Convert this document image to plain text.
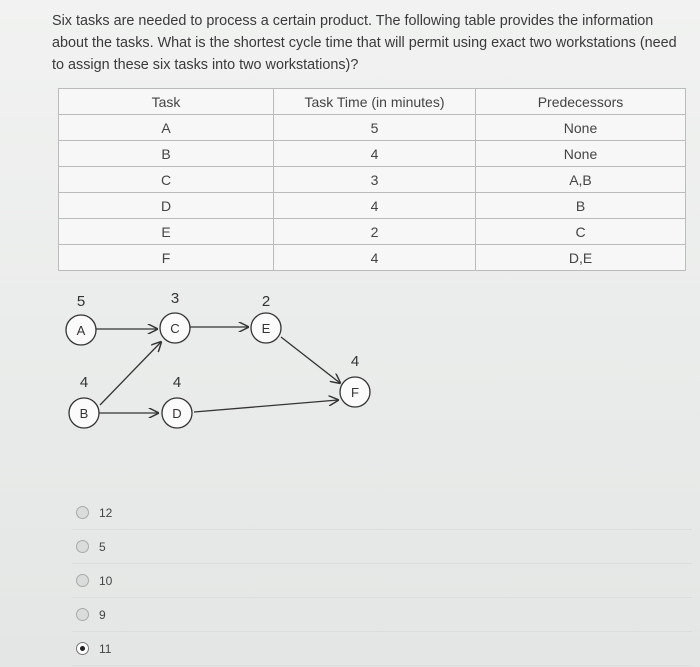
Six tasks are needed to process a certain product. The following table provides the information about the tasks. What is the shortest cycle time that will permit using exact two workstations (need to assign these six tasks into two workstations)?
Task	Task Time (in minutes)	Predecessors
A	5	None
B	4	None
C	3	A,B
D	4	B
E	2	C
F	4	D,E
A
5
C
3
E
2
B
4
D
4
F
4
12
5
10
9
11
